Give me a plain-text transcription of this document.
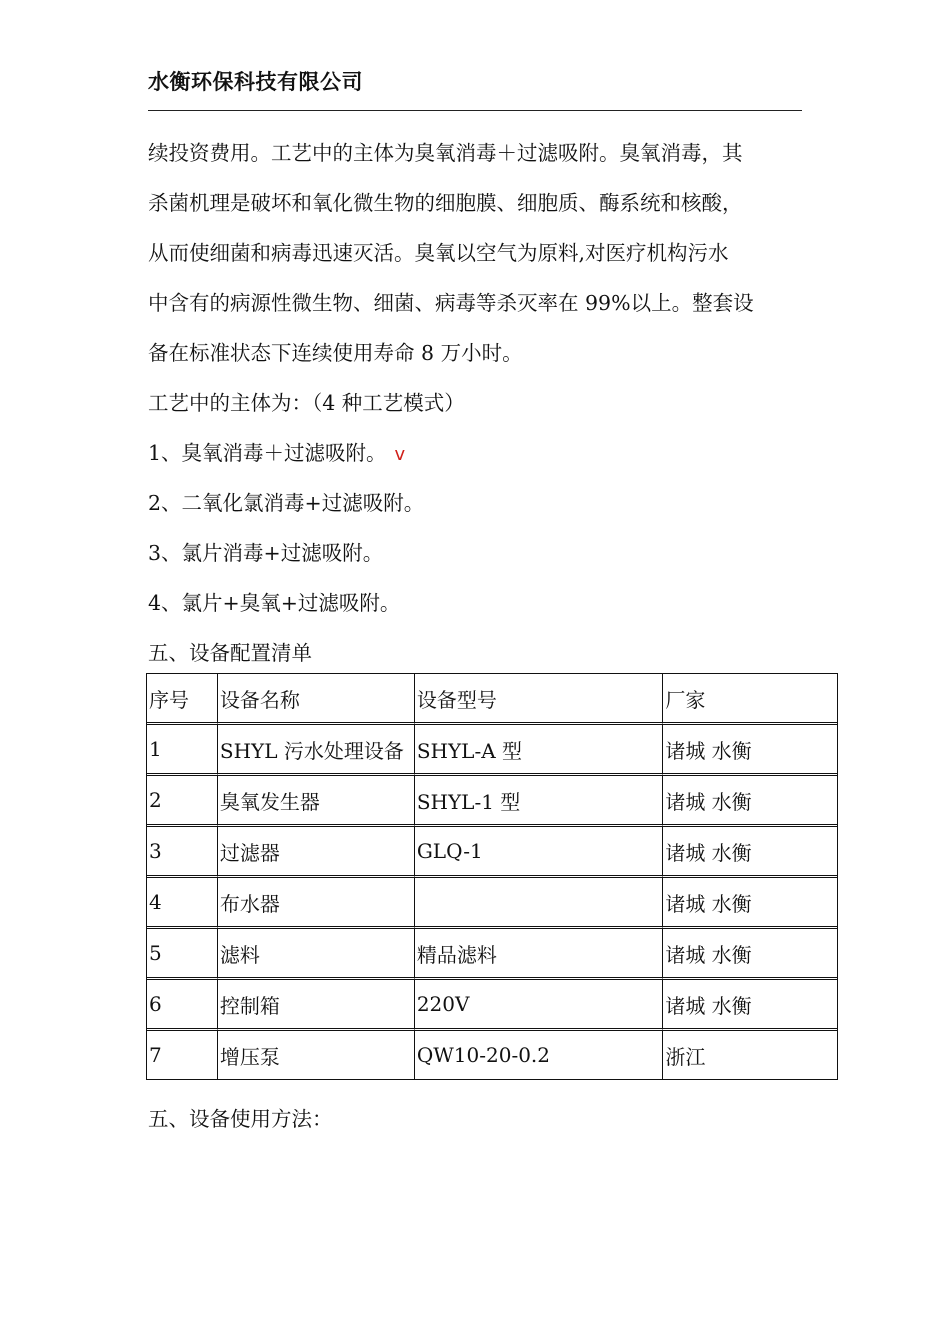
水衡环保科技有限公司

续投资费用。工艺中的主体为臭氧消毒＋过滤吸附。臭氧消毒，其
杀菌机理是破坏和氧化微生物的细胞膜、细胞质、酶系统和核酸，
从而使细菌和病毒迅速灭活。臭氧以空气为原料,对医疗机构污水
中含有的病源性微生物、细菌、病毒等杀灭率在 99%以上。整套设
备在标准状态下连续使用寿命 8 万小时。

工艺中的主体为：（4 种工艺模式）

1、臭氧消毒＋过滤吸附。 v

2、二氧化氯消毒+过滤吸附。

3、氯片消毒+过滤吸附。

4、氯片+臭氧+过滤吸附。

五、设备配置清单

序号	设备名称	设备型号	厂家
1	SHYL 污水处理设备	SHYL-A 型	诸城 水衡
2	臭氧发生器	SHYL-1 型	诸城 水衡
3	过滤器	GLQ-1	诸城 水衡
4	布水器		诸城 水衡
5	滤料	精品滤料	诸城 水衡
6	控制箱	220V	诸城 水衡
7	增压泵	QW10-20-0.2	浙江
五、设备使用方法：
